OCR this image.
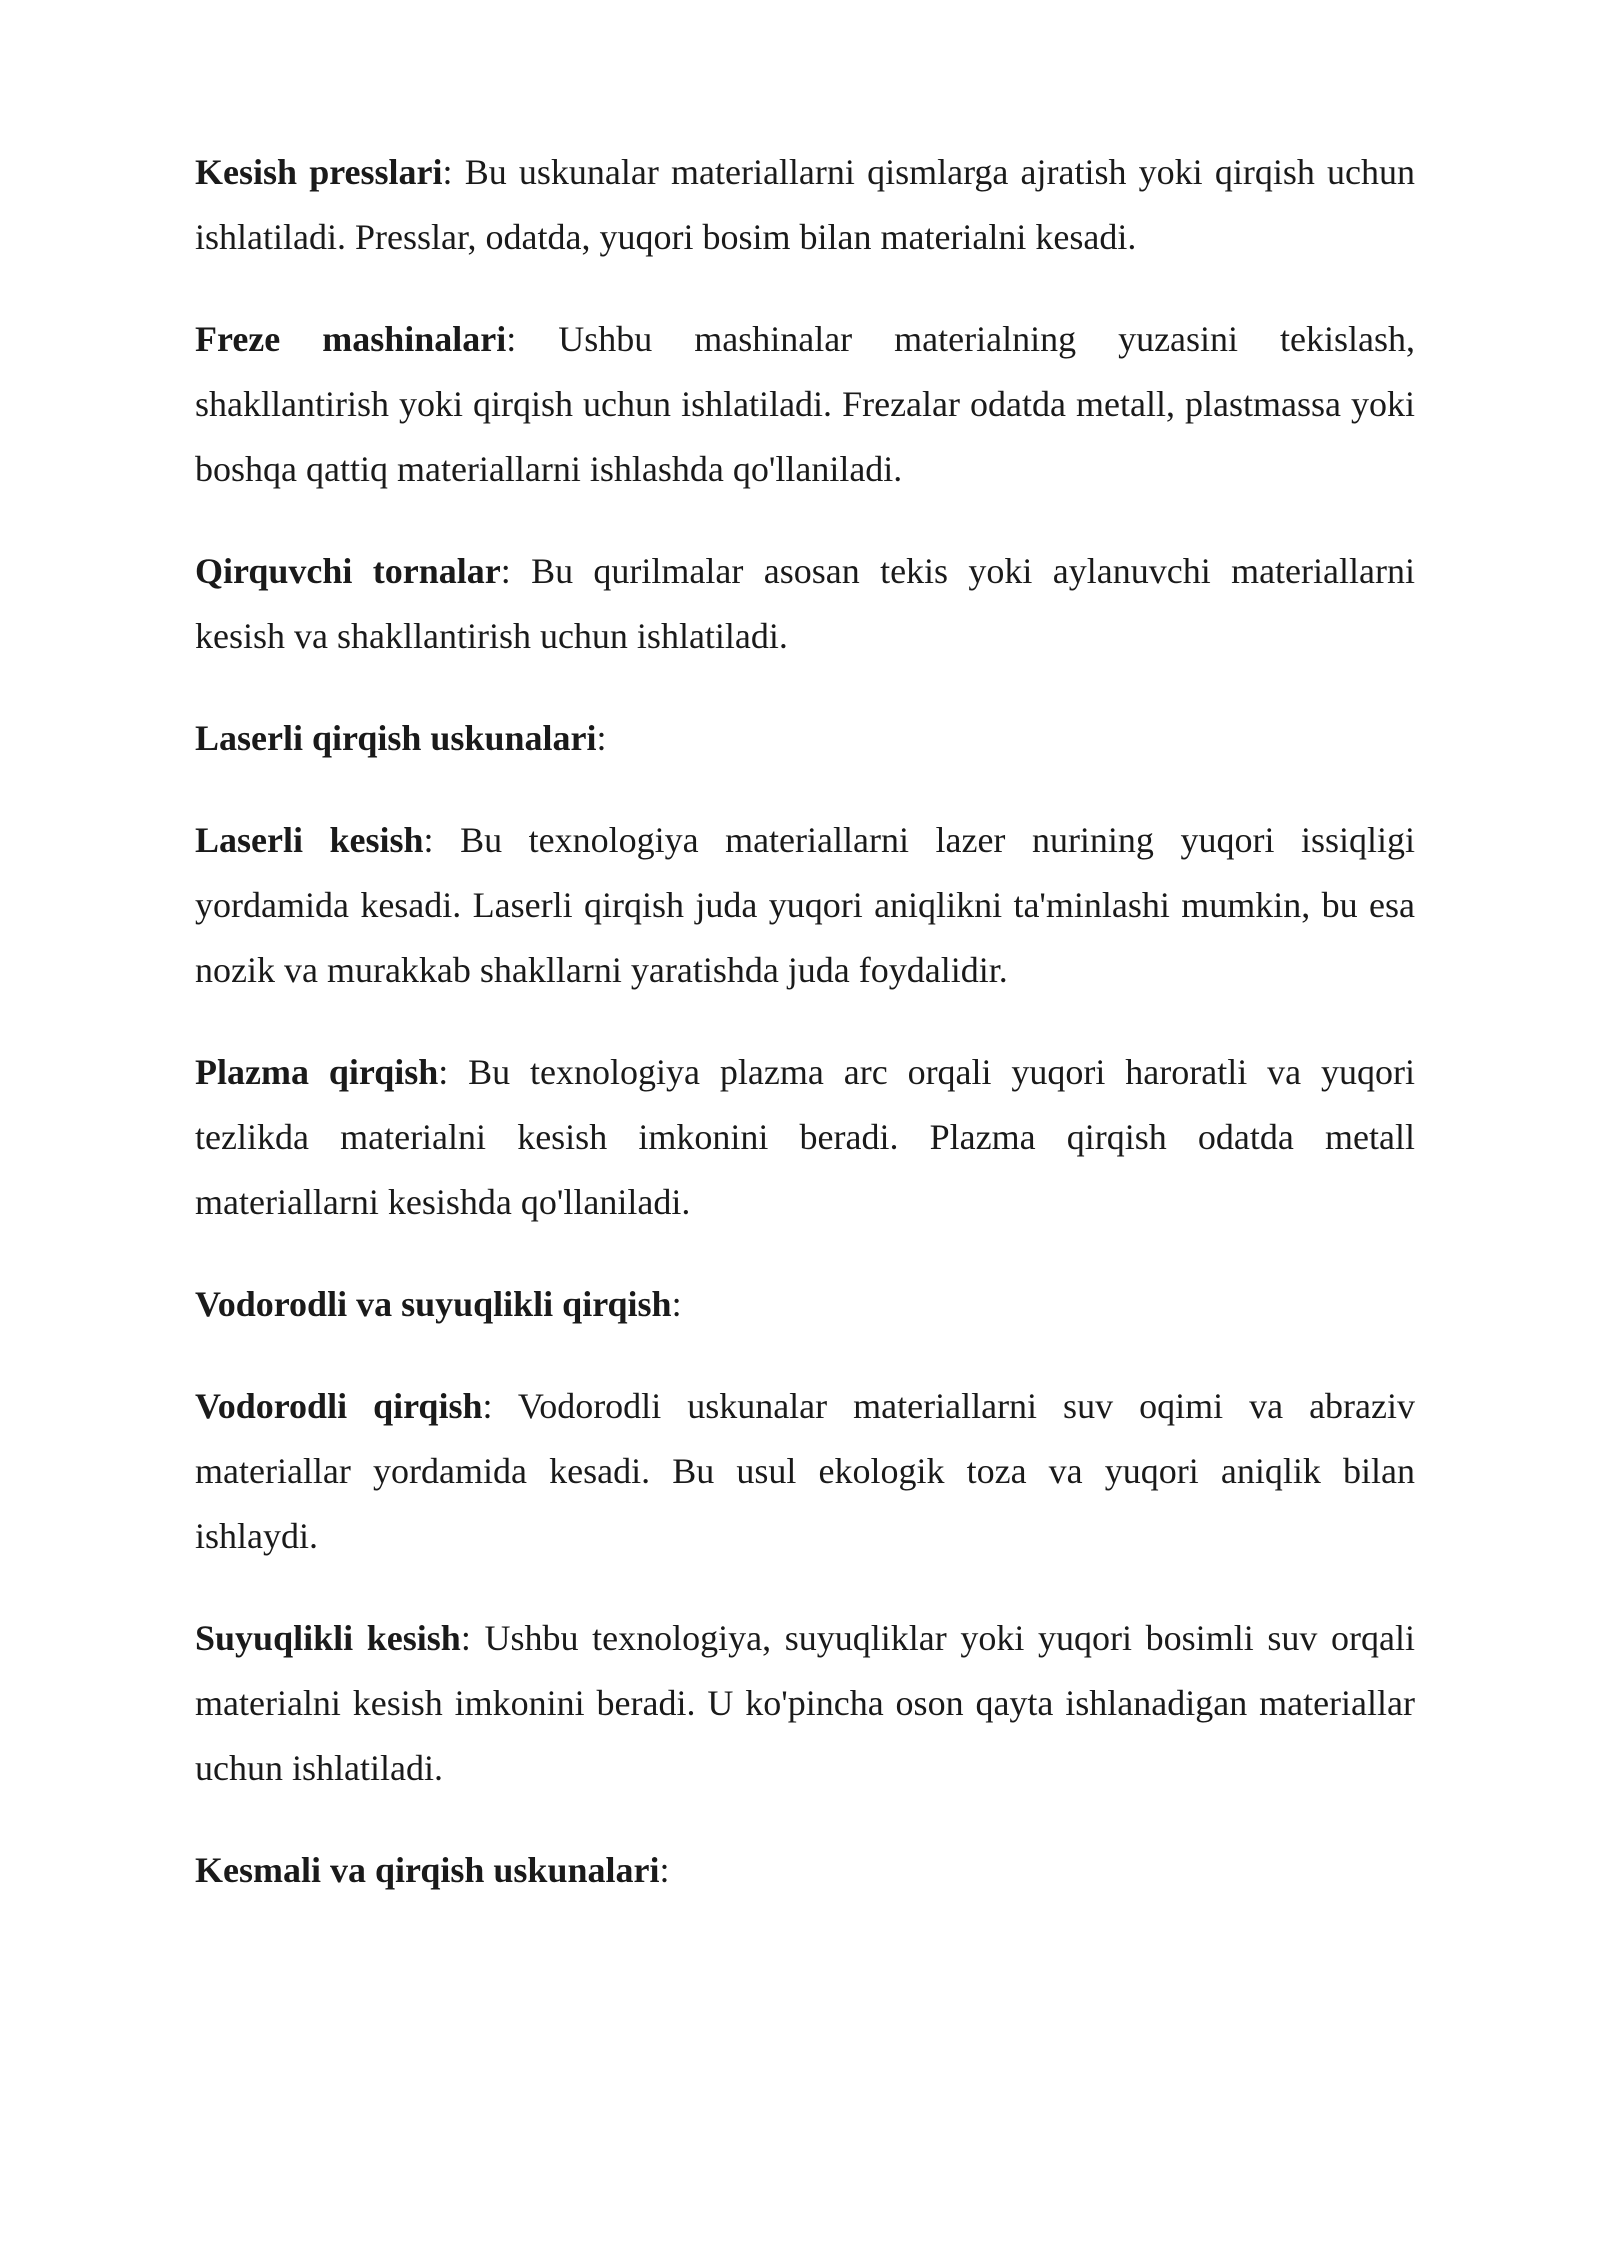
Kesish presslari: Bu uskunalar materiallarni qismlarga ajratish yoki qirqish uchun ishlatiladi. Presslar, odatda, yuqori bosim bilan materialni kesadi.

Freze mashinalari: Ushbu mashinalar materialning yuzasini tekislash, shakllantirish yoki qirqish uchun ishlatiladi. Frezalar odatda metall, plastmassa yoki boshqa qattiq materiallarni ishlashda qo'llaniladi.

Qirquvchi tornalar: Bu qurilmalar asosan tekis yoki aylanuvchi materiallarni kesish va shakllantirish uchun ishlatiladi.

Laserli qirqish uskunalari:

Laserli kesish: Bu texnologiya materiallarni lazer nurining yuqori issiqligi yordamida kesadi. Laserli qirqish juda yuqori aniqlikni ta'minlashi mumkin, bu esa nozik va murakkab shakllarni yaratishda juda foydalidir.

Plazma qirqish: Bu texnologiya plazma arc orqali yuqori haroratli va yuqori tezlikda materialni kesish imkonini beradi. Plazma qirqish odatda metall materiallarni kesishda qo'llaniladi.

Vodorodli va suyuqlikli qirqish:

Vodorodli qirqish: Vodorodli uskunalar materiallarni suv oqimi va abraziv materiallar yordamida kesadi. Bu usul ekologik toza va yuqori aniqlik bilan ishlaydi.

Suyuqlikli kesish: Ushbu texnologiya, suyuqliklar yoki yuqori bosimli suv orqali materialni kesish imkonini beradi. U ko'pincha oson qayta ishlanadigan materiallar uchun ishlatiladi.

Kesmali va qirqish uskunalari:
